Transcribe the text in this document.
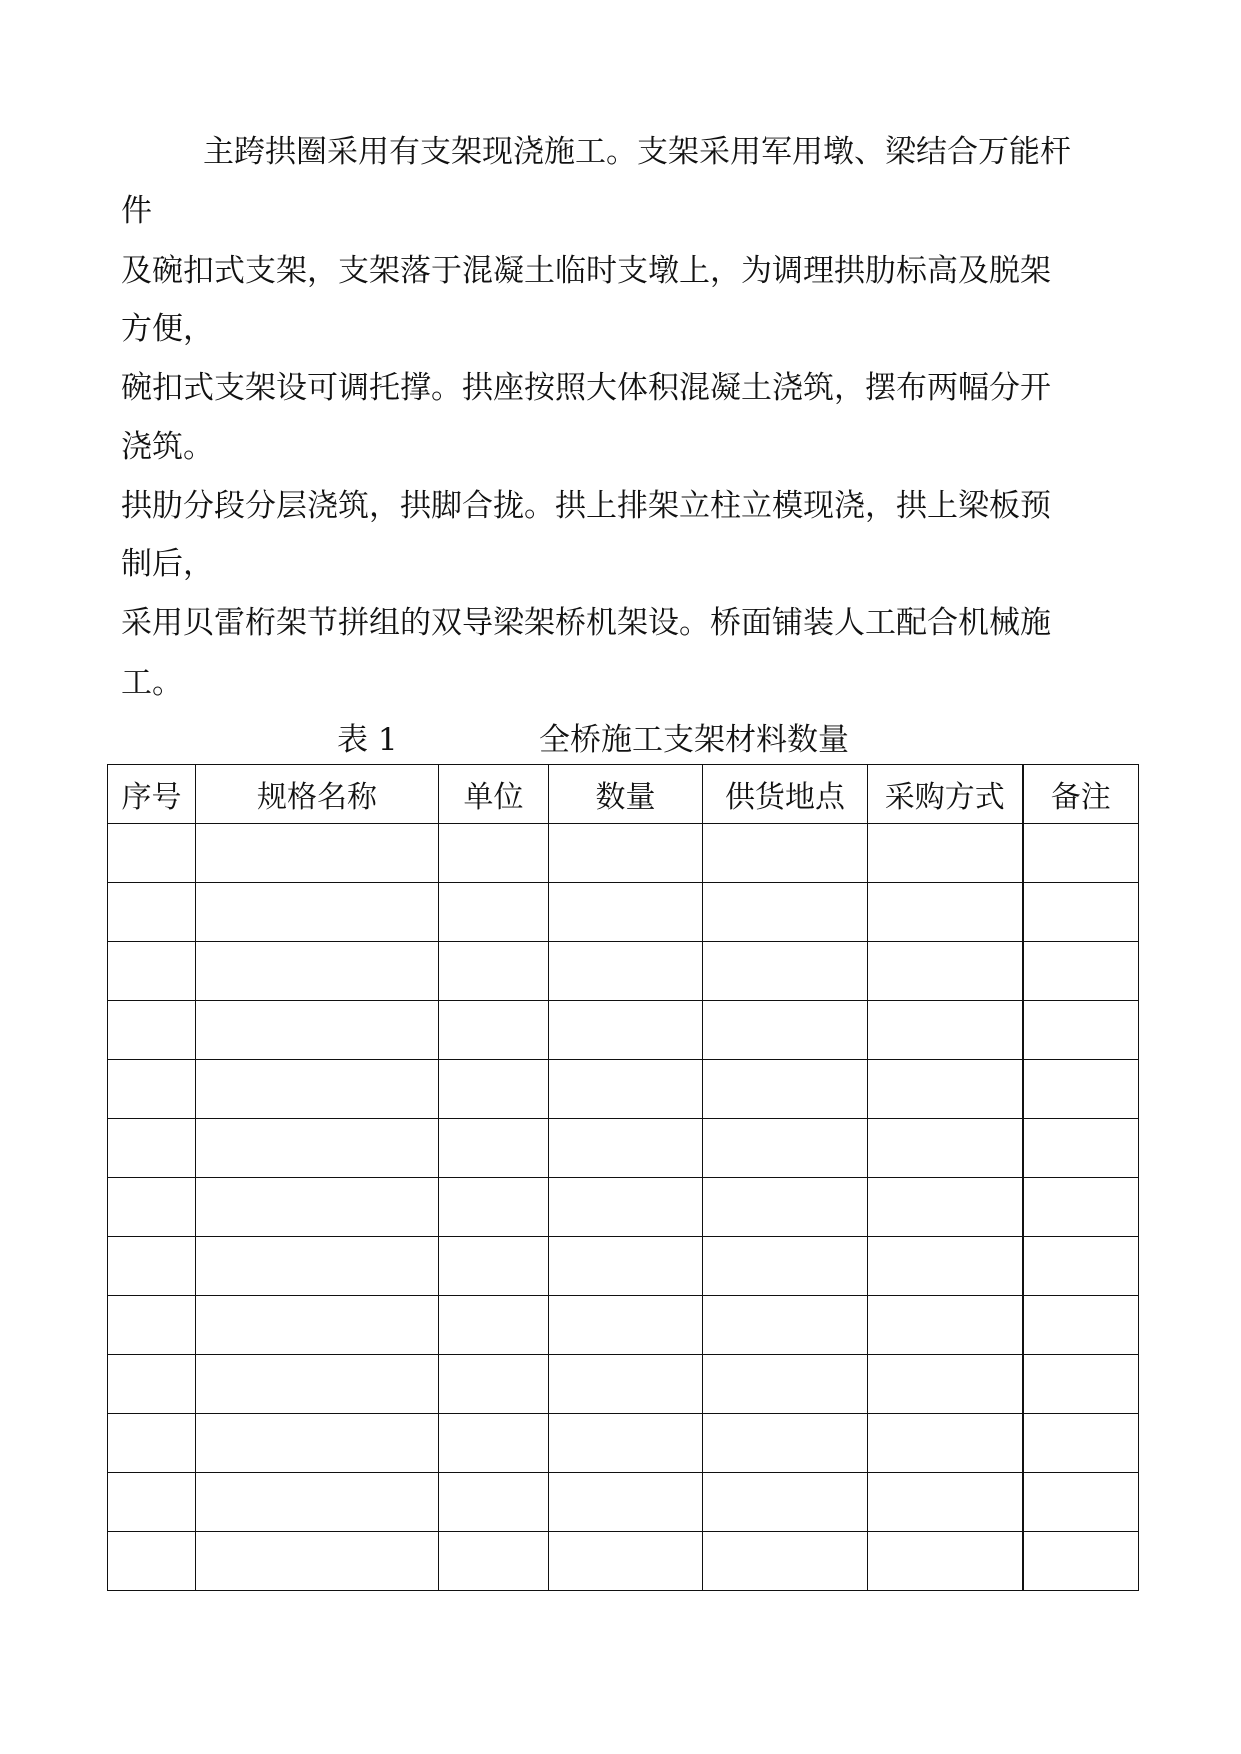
主跨拱圈采用有支架现浇施工。支架采用军用墩、梁结合万能杆

件

及碗扣式支架，支架落于混凝土临时支墩上，为调理拱肋标高及脱架

方便，

碗扣式支架设可调托撑。拱座按照大体积混凝土浇筑，摆布两幅分开

浇筑。

拱肋分段分层浇筑，拱脚合拢。拱上排架立柱立模现浇，拱上梁板预

制后，

采用贝雷桁架节拼组的双导梁架桥机架设。桥面铺装人工配合机械施

工。

表 1	全桥施工支架材料数量

序号	规格名称	单位	数量	供货地点	采购方式	备注
